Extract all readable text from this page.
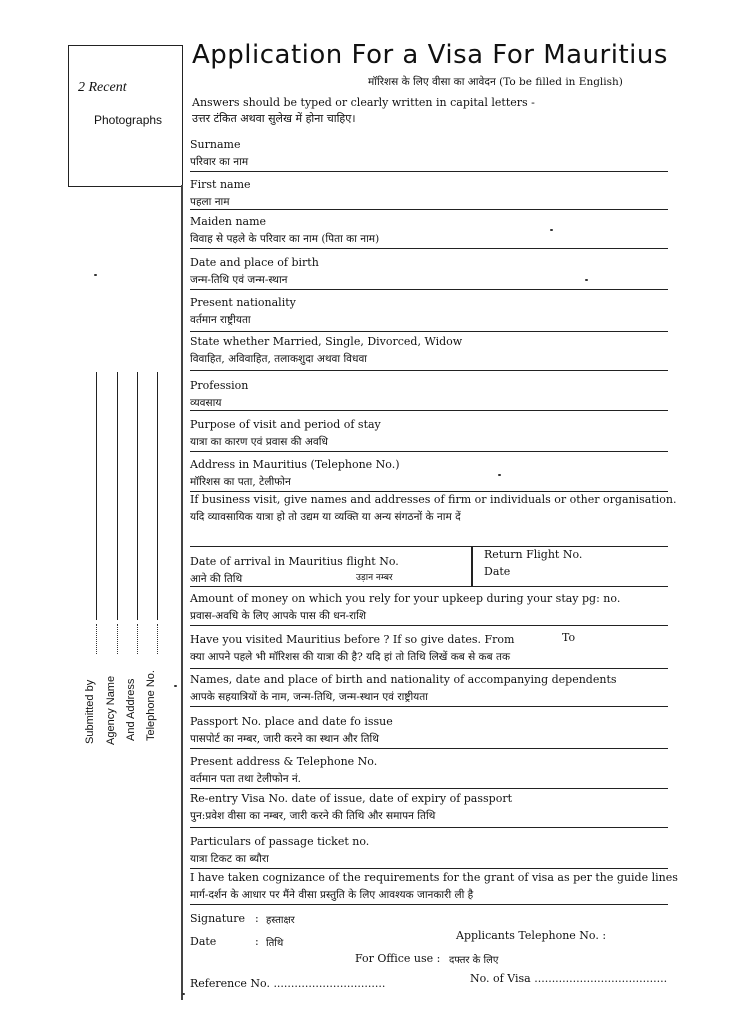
2 Recent
Photographs
Application For a Visa For Mauritius
मॉरिशस के लिए वीसा का आवेदन (To be filled in English)
Answers should be typed or clearly written in capital letters -
उत्तर टंकित अथवा सुलेख में होना चाहिए।
Surname
परिवार का नाम
First name
पहला नाम
Maiden name
विवाह से पहले के परिवार का नाम (पिता का नाम)
Date and place of birth
जन्म-तिथि एवं जन्म-स्थान
Present nationality
वर्तमान राष्ट्रीयता
State whether Married, Single, Divorced, Widow
विवाहित, अविवाहित, तलाकशुदा अथवा विधवा
Profession
व्यवसाय
Purpose of visit and period of stay
यात्रा का कारण एवं प्रवास की अवधि
Address in Mauritius (Telephone No.)
मॉरिशस का पता, टेलीफोन
If business visit, give names and addresses of firm or individuals or other organisation.
यदि व्यावसायिक यात्रा हो तो उद्यम या व्यक्ति या अन्य संगठनों के नाम दें
Date of arrival in Mauritius flight No.
आने की तिथि
Return Flight No.
Date
उड़ान नम्बर
Amount of money on which you rely for your upkeep during your stay pg: no.
प्रवास-अवधि के लिए आपके पास की धन-राशि
Have you visited Mauritius before ? If so give dates. From
क्या आपने पहले भी मॉरिशस की यात्रा की है? यदि हां तो तिथि लिखें कब से कब तक
To
Names, date and place of birth and nationality of accompanying dependents
आपके सहयात्रियों के नाम, जन्म-तिथि, जन्म-स्थान एवं राष्ट्रीयता
Passport No. place and date fo issue
पासपोर्ट का नम्बर, जारी करने का स्थान और तिथि
Present address & Telephone No.
वर्तमान पता तथा टेलीफोन नं.
Re-entry Visa No. date of issue, date of expiry of passport
पुन:प्रवेश वीसा का नम्बर, जारी करने की तिथि और समापन तिथि
Particulars of passage ticket no.
यात्रा टिकट का ब्यौरा
I have taken cognizance of the requirements for the grant of visa as per the guide lines
मार्ग-दर्शन के आधार पर मैंने वीसा प्रस्तुति के लिए आवश्यक जानकारी ली है
Signature : हस्ताक्षर
Date	: तिथि
Applicants Telephone No. :
For Office use : दफ्तर के लिए
Reference No. ................................	No. of Visa ......................................
Submitted by Agency Name And Address Telephone No.
